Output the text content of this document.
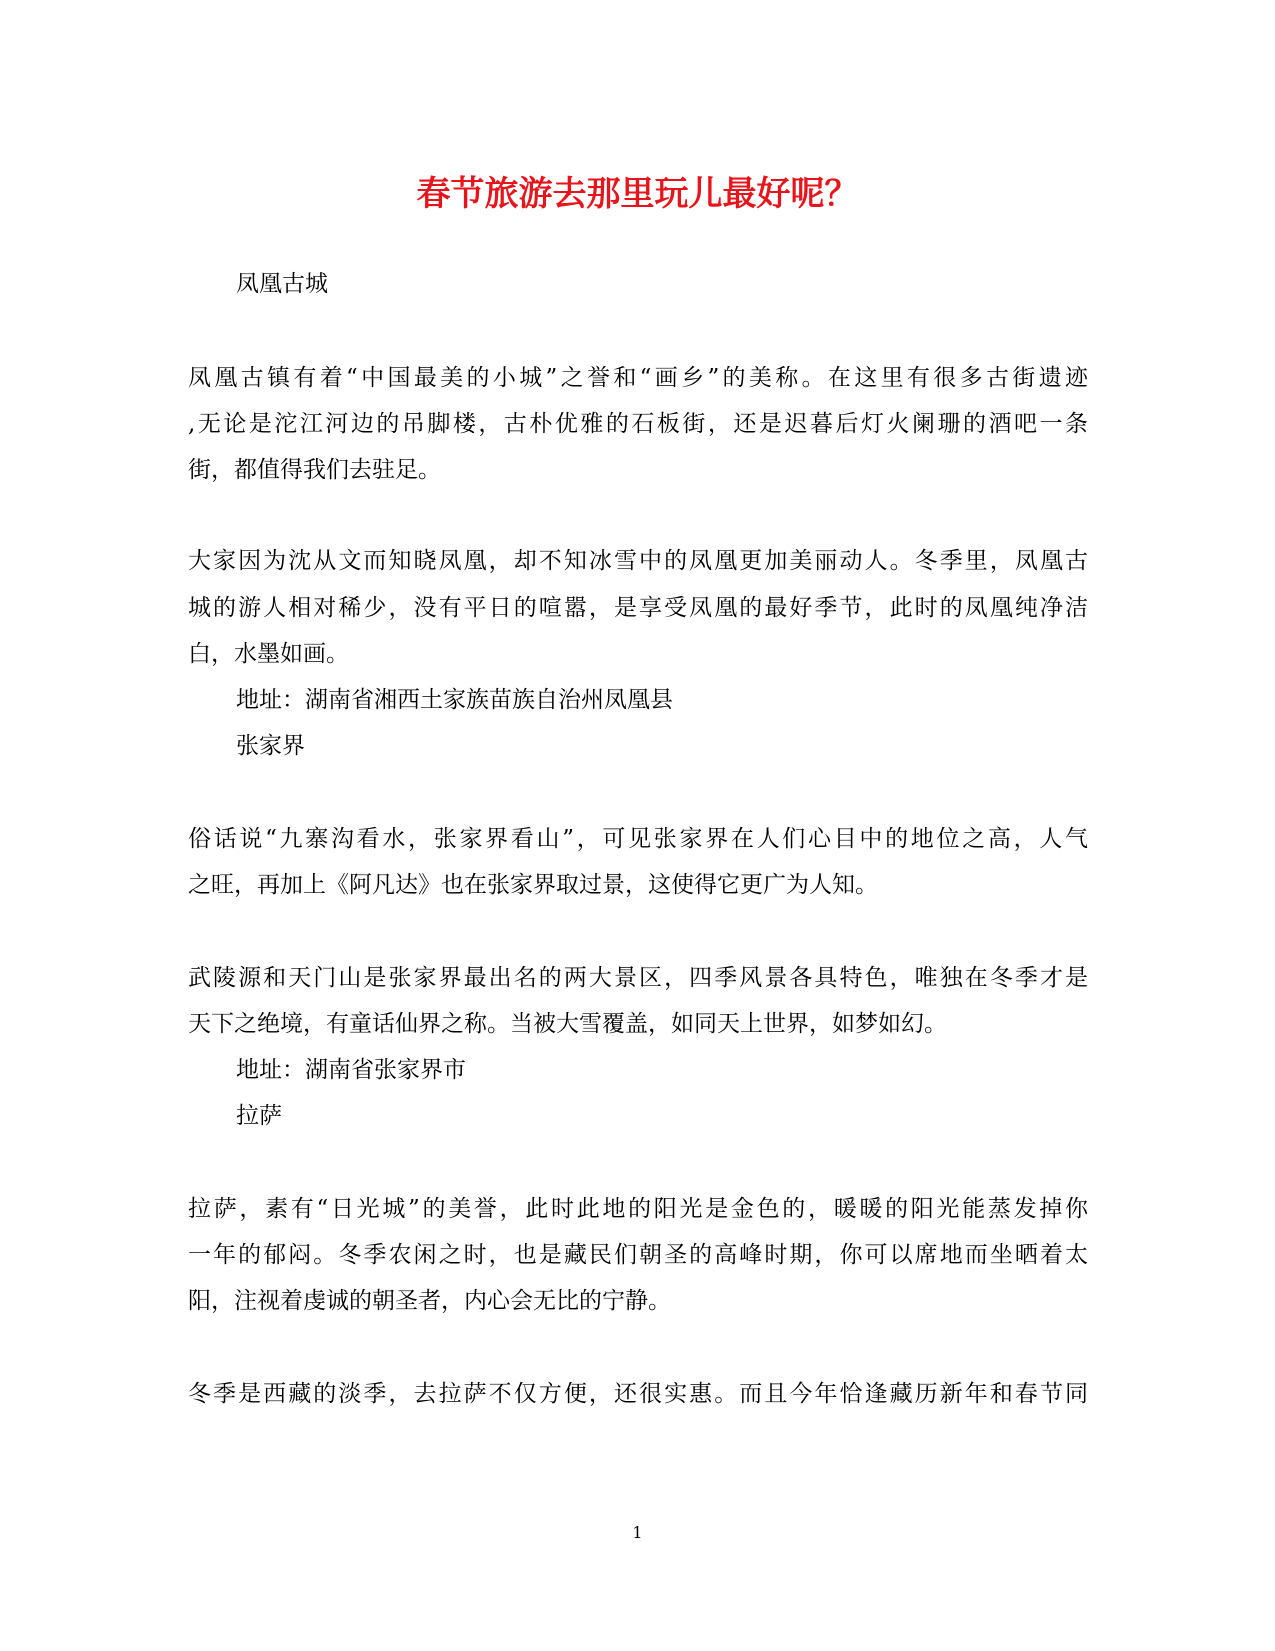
春节旅游去那里玩儿最好呢？

凤凰古城

凤凰古镇有着“中国最美的小城”之誉和“画乡”的美称。在这里有很多古街遗迹

,无论是沱江河边的吊脚楼，古朴优雅的石板街，还是迟暮后灯火阑珊的酒吧一条

街，都值得我们去驻足。

大家因为沈从文而知晓凤凰，却不知冰雪中的凤凰更加美丽动人。冬季里，凤凰古

城的游人相对稀少，没有平日的喧嚣，是享受凤凰的最好季节，此时的凤凰纯净洁

白，水墨如画。

地址：湖南省湘西土家族苗族自治州凤凰县

张家界

俗话说“九寨沟看水，张家界看山”，可见张家界在人们心目中的地位之高，人气

之旺，再加上《阿凡达》也在张家界取过景，这使得它更广为人知。

武陵源和天门山是张家界最出名的两大景区，四季风景各具特色，唯独在冬季才是

天下之绝境，有童话仙界之称。当被大雪覆盖，如同天上世界，如梦如幻。

地址：湖南省张家界市

拉萨

拉萨，素有“日光城”的美誉，此时此地的阳光是金色的，暖暖的阳光能蒸发掉你

一年的郁闷。冬季农闲之时，也是藏民们朝圣的高峰时期，你可以席地而坐晒着太

阳，注视着虔诚的朝圣者，内心会无比的宁静。

冬季是西藏的淡季，去拉萨不仅方便，还很实惠。而且今年恰逢藏历新年和春节同

1
